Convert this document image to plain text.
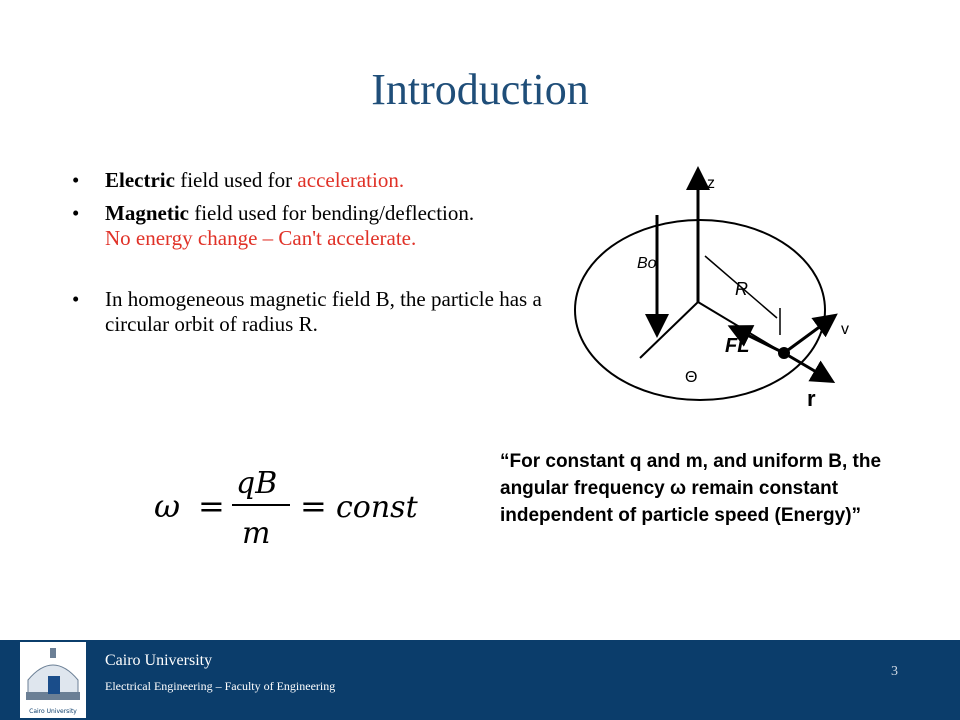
Introduction
• Electric field used for acceleration.
• Magnetic field used for bending/deflection.
No energy change – Can't accelerate.
• In homogeneous magnetic field B, the particle has a circular orbit of radius R.
z
Bo
R
FL
v
Θ
r
ω =
qB
m
= const
“For constant q and m, and uniform B, the angular frequency ω remain constant independent of particle speed (Energy)”
Cairo University
Cairo University
Electrical Engineering – Faculty of Engineering
3
